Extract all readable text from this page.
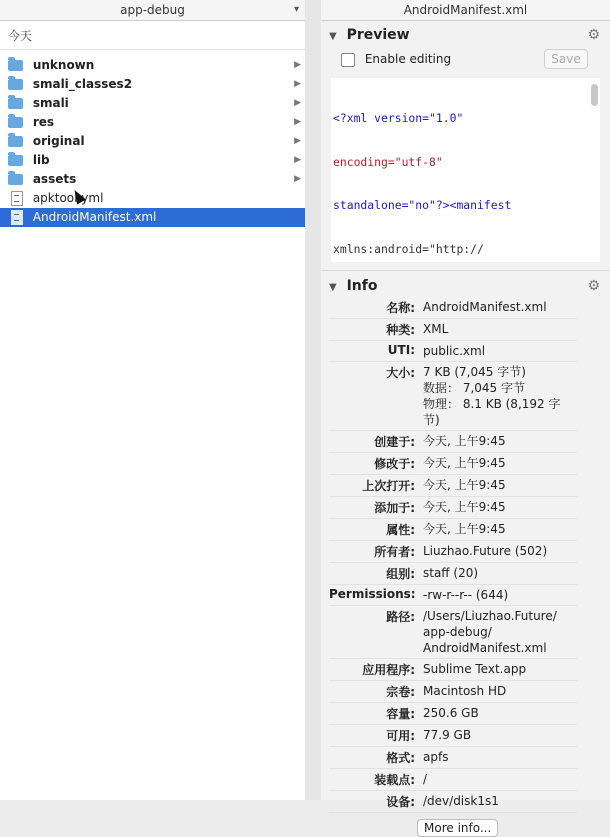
app-debug	▾
今天
unknown	▶
smali_classes2	▶
smali	▶
res	▶
original	▶
lib	▶
assets	▶
apktool.yml
AndroidManifest.xml
AndroidManifest.xml
▼ Preview	⚙
Enable editing	Save

<?xml version="1.0"

encoding="utf-8"

standalone="no"?><manifest

xmlns:android="http://

▼ Info	⚙
名称: AndroidManifest.xml
种类: XML
UTI: public.xml
大小: 7 KB (7,045 字节)
数据： 7,045 字节
物理： 8.1 KB (8,192 字节)
创建于: 今天, 上午9:45
修改于: 今天, 上午9:45
上次打开: 今天, 上午9:45
添加于: 今天, 上午9:45
属性: 今天, 上午9:45
所有者: Liuzhao.Future (502)
组别: staff (20)
Permissions: -rw-r--r-- (644)
路径: /Users/Liuzhao.Future/
app-debug/
AndroidManifest.xml
应用程序: Sublime Text.app
宗卷: Macintosh HD
容量: 250.6 GB
可用: 77.9 GB
格式: apfs
装载点: /
设备: /dev/disk1s1
More info...
